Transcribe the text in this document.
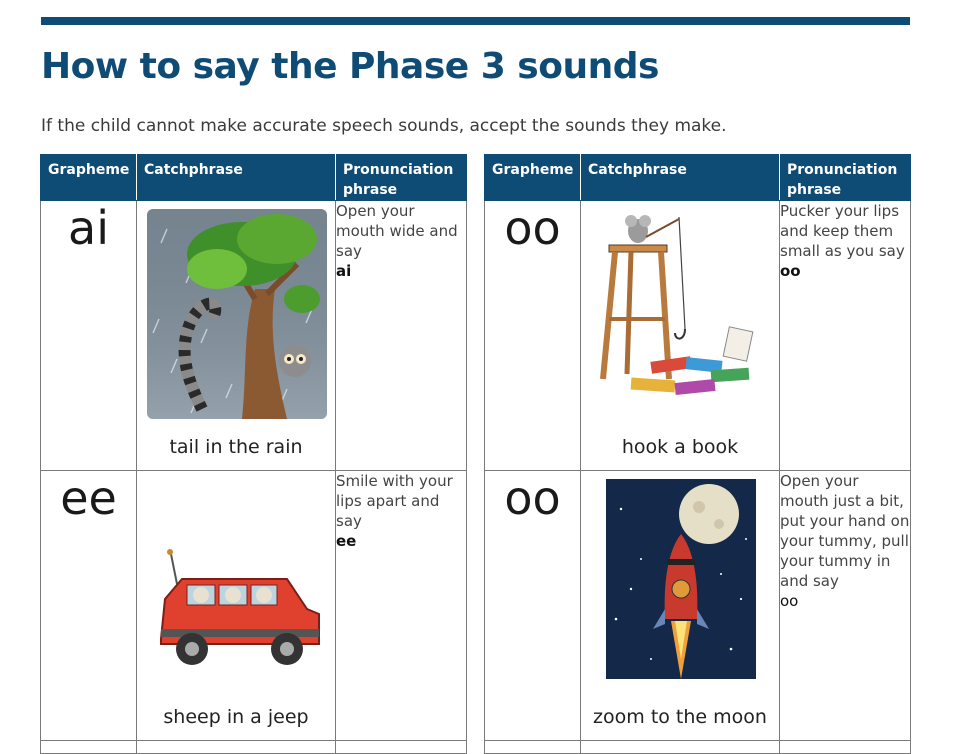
How to say the Phase 3 sounds
If the child cannot make accurate speech sounds, accept the sounds they make.
Grapheme	Catchphrase	Pronunciation phrase
ai	tail in the rain	Open your mouth wide and say
ai

ee	sheep in a jeep	Smile with your lips apart and say
ee

Grapheme	Catchphrase	Pronunciation phrase
oo	hook a book	Pucker your lips and keep them small as you say
oo

oo	zoom to the moon	Open your mouth just a bit, put your hand on your tummy, pull your tummy in and say
oo
